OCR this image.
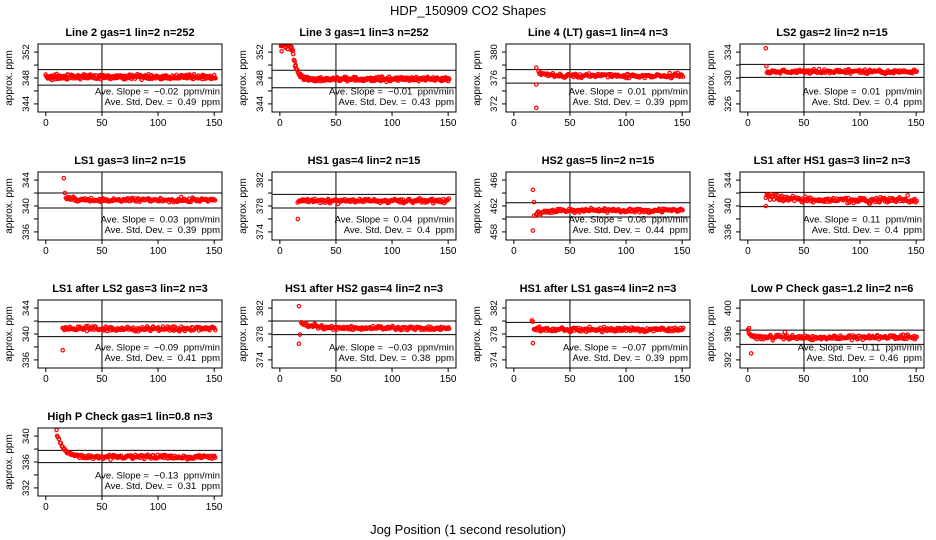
HDP_150909 CO2 Shapes
Line 2 gas=1 lin=2 n=252
approx. ppm
0	50	100	150
344
348
352
Ave. Slope =  −0.02  ppm/min
Ave. Std. Dev. =  0.49  ppm
Line 3 gas=1 lin=3 n=252
approx. ppm
0	50	100	150
344
348
352
Ave. Slope =  −0.01  ppm/min
Ave. Std. Dev. =  0.43  ppm
Line 4 (LT) gas=1 lin=4 n=3
approx. ppm
0	50	100	150
372
376
380
Ave. Slope =  0.01  ppm/min
Ave. Std. Dev. =  0.39  ppm
LS2 gas=2 lin=2 n=15
approx. ppm
0	50	100	150
326
330
334
Ave. Slope =  0.01  ppm/min
Ave. Std. Dev. =  0.4  ppm
LS1 gas=3 lin=2 n=15
approx. ppm
0	50	100	150
336
340
344
Ave. Slope =  0.03  ppm/min
Ave. Std. Dev. =  0.39  ppm
HS1 gas=4 lin=2 n=15
approx. ppm
0	50	100	150
374
378
382
Ave. Slope =  0.04  ppm/min
Ave. Std. Dev. =  0.4  ppm
HS2 gas=5 lin=2 n=15
approx. ppm
0	50	100	150
458
462
466
Ave. Slope =  0.08  ppm/min
Ave. Std. Dev. =  0.44  ppm
LS1 after HS1 gas=3 lin=2 n=3
approx. ppm
0	50	100	150
336
340
344
Ave. Slope =  0.11  ppm/min
Ave. Std. Dev. =  0.4  ppm
LS1 after LS2 gas=3 lin=2 n=3
approx. ppm
0	50	100	150
336
340
344
Ave. Slope =  −0.09  ppm/min
Ave. Std. Dev. =  0.41  ppm
HS1 after HS2 gas=4 lin=2 n=3
approx. ppm
0	50	100	150
374
378
382
Ave. Slope =  −0.03  ppm/min
Ave. Std. Dev. =  0.38  ppm
HS1 after LS1 gas=4 lin=2 n=3
approx. ppm
0	50	100	150
374
378
382
Ave. Slope =  −0.07  ppm/min
Ave. Std. Dev. =  0.39  ppm
Low P Check gas=1.2 lin=2 n=6
approx. ppm
0	50	100	150
392
396
400
Ave. Slope =  −0.11  ppm/min
Ave. Std. Dev. =  0.46  ppm
High P Check gas=1 lin=0.8 n=3
approx. ppm
0	50	100	150
332
336
340
Ave. Slope =  −0.13  ppm/min
Ave. Std. Dev. =  0.31  ppm
Jog Position (1 second resolution)
